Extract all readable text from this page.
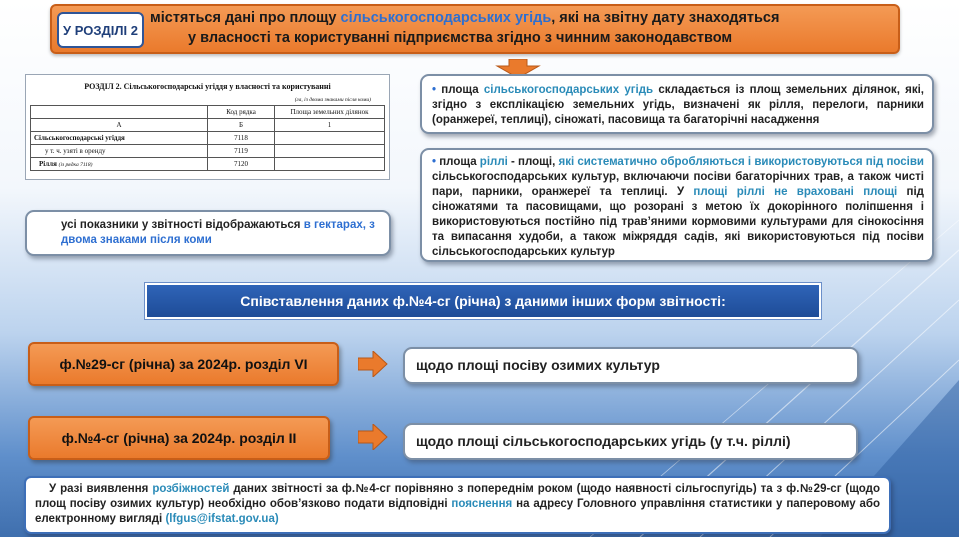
У РОЗДІЛІ 2
містяться дані про площу сільськогосподарських угідь, які на звітну дату знаходяться
у власності та користуванні підприємства згідно з чинним законодавством
РОЗДІЛ 2. Сільськогосподарські угіддя у власності та користуванні
(га, із двома знаками після коми)
	Код рядка	Площа земельних ділянок
А	Б	1
Сільськогосподарські угіддя	7118	
у т. ч. узяті в оренду	7119	
Рілля (із рядка 7118)	7120	
• площа сільськогосподарських угідь складається із площ земельних ділянок, які, згідно з експлікацією земельних угідь, визначені як рілля, перелоги, парники (оранжереї, теплиці), сіножаті, пасовища та багаторічні насадження
• площа ріллі - площі, які систематично обробляються і використовуються під посіви сільськогосподарських культур, включаючи посіви багаторічних трав, а також чисті пари, парники, оранжереї та теплиці. У площі ріллі не враховані площі під сіножатями та пасовищами, що розорані з метою їх докорінного поліпшення і використовуються постійно під трав’яними кормовими культурами для сінокосіння та випасання худоби, а також міжряддя садів, які використовуються під посіви сільськогосподарських культур
усі показники у звітності відображаються в гектарах, з двома знаками після коми
Співставлення даних ф.№4-сг (річна) з даними інших форм звітності:
ф.№29-сг (річна) за 2024р. розділ VI	щодо площі посіву озимих культур
ф.№4-сг (річна) за 2024р. розділ II	щодо площі сільськогосподарських угідь (у т.ч. ріллі)
У разі виявлення розбіжностей даних звітності за ф.№4-сг порівняно з попереднім роком (щодо наявності сільгоспугідь) та з ф.№29-сг (щодо площ посіву озимих культур) необхідно обов’язково подати відповідні пояснення на адресу Головного управління статистики у паперовому або електронному вигляді (lfgus@ifstat.gov.ua)
